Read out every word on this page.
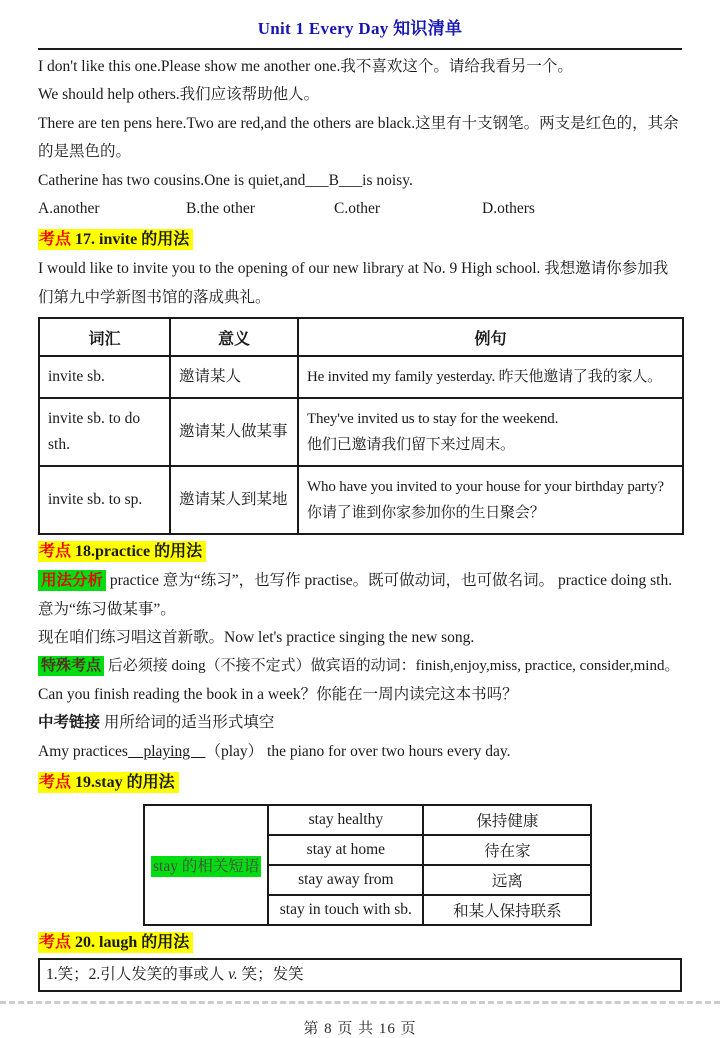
Unit 1 Every Day 知识清单

I don't like this one.Please show me another one.我不喜欢这个。请给我看另一个。

We should help others.我们应该帮助他人。

There are ten pens here.Two are red,and the others are black.这里有十支钢笔。两支是红色的，其余的是黑色的。

Catherine has two cousins.One is quiet,and___B___is noisy.

A.another	B.the other	C.other	D.others
考点 17. invite 的用法

I would like to invite you to the opening of our new library at No. 9 High school. 我想邀请你参加我们第九中学新图书馆的落成典礼。

词汇	意义	例句
invite sb.	邀请某人	He invited my family yesterday. 昨天他邀请了我的家人。

invite sb. to do sth.	邀请某人做某事	They've invited us to stay for the weekend.
他们已邀请我们留下来过周末。

invite sb. to sp.	邀请某人到某地	Who have you invited to your house for your birthday party?
你请了谁到你家参加你的生日聚会？
考点 18.practice 的用法

用法分析 practice 意为“练习”，也写作 practise。既可做动词，也可做名词。 practice doing sth.意为“练习做某事”。

现在咱们练习唱这首新歌。Now let's practice singing the new song.

特殊考点 后必须接 doing（不接不定式）做宾语的动词：finish,enjoy,miss, practice, consider,mind。

Can you finish reading the book in a week？你能在一周内读完这本书吗？

中考链接 用所给词的适当形式填空

Amy practices    playing    （play） the piano for over two hours every day.

考点 19.stay 的用法
stay 的相关短语	stay healthy	保持健康
	stay at home	待在家
	stay away from	远离
	stay in touch with sb.	和某人保持联系
考点 20. laugh 的用法
1.笑；2.引人发笑的事或人 v. 笑；发笑
第 8 页 共 16 页
